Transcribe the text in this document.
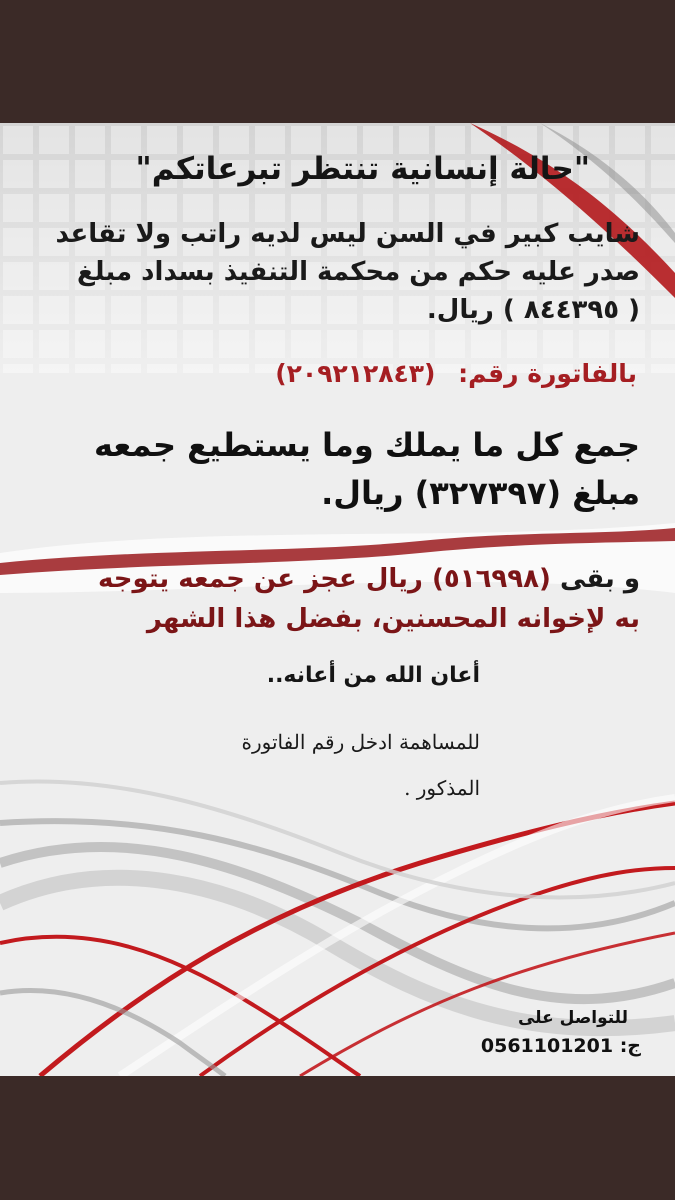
"حالة إنسانية تنتظر تبرعاتكم"

شايب كبير في السن ليس لديه راتب ولا تقاعد
صدر عليه حكم من محكمة التنفيذ بسداد مبلغ
( ٨٤٤٣٩٥ ) ريال.
بالفاتورة رقم: (٢٠٩٢١٢٨٤٣)
جمع كل ما يملك وما يستطيع جمعه
مبلغ (٣٢٧٣٩٧) ريال.
و بقى (٥١٦٩٩٨) ريال عجز عن جمعه يتوجه
به لإخوانه المحسنين، بفضل هذا الشهر

أعان الله من أعانه..

للمساهمة ادخل رقم الفاتورة
المذكور .

للتواصل على

ج: 0561101201
